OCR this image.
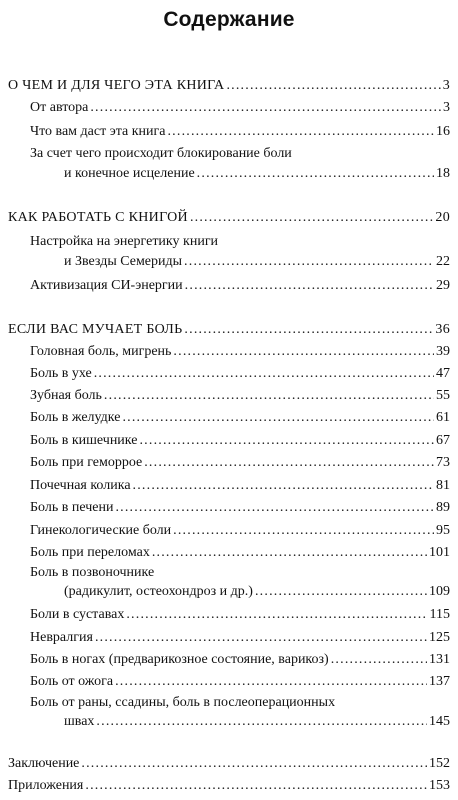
Содержание
О ЧЕМ И ДЛЯ ЧЕГО ЭТА КНИГА .....	3
От автора .....	3
Что вам даст эта книга .....	16
За счет чего происходит блокирование боли
и конечное исцеление .....	18
КАК РАБОТАТЬ С КНИГОЙ .....	20
Настройка на энергетику книги
и Звезды Семериды .....	22
Активизация СИ-энергии .....	29
ЕСЛИ ВАС МУЧАЕТ БОЛЬ .....	36
Головная боль, мигрень .....	39
Боль в ухе .....	47
Зубная боль .....	55
Боль в желудке .....	61
Боль в кишечнике .....	67
Боль при геморрое .....	73
Почечная колика .....	81
Боль в печени .....	89
Гинекологические боли .....	95
Боль при переломах .....	101
Боль в позвоночнике
(радикулит, остеохондроз и др.) .....	109
Боли в суставах .....	115
Невралгия .....	125
Боль в ногах (предварикозное состояние, варикоз) .....	131
Боль от ожога .....	137
Боль от раны, ссадины, боль в послеоперационных
швах .....	145
Заключение .....	152
Приложения .....	153
